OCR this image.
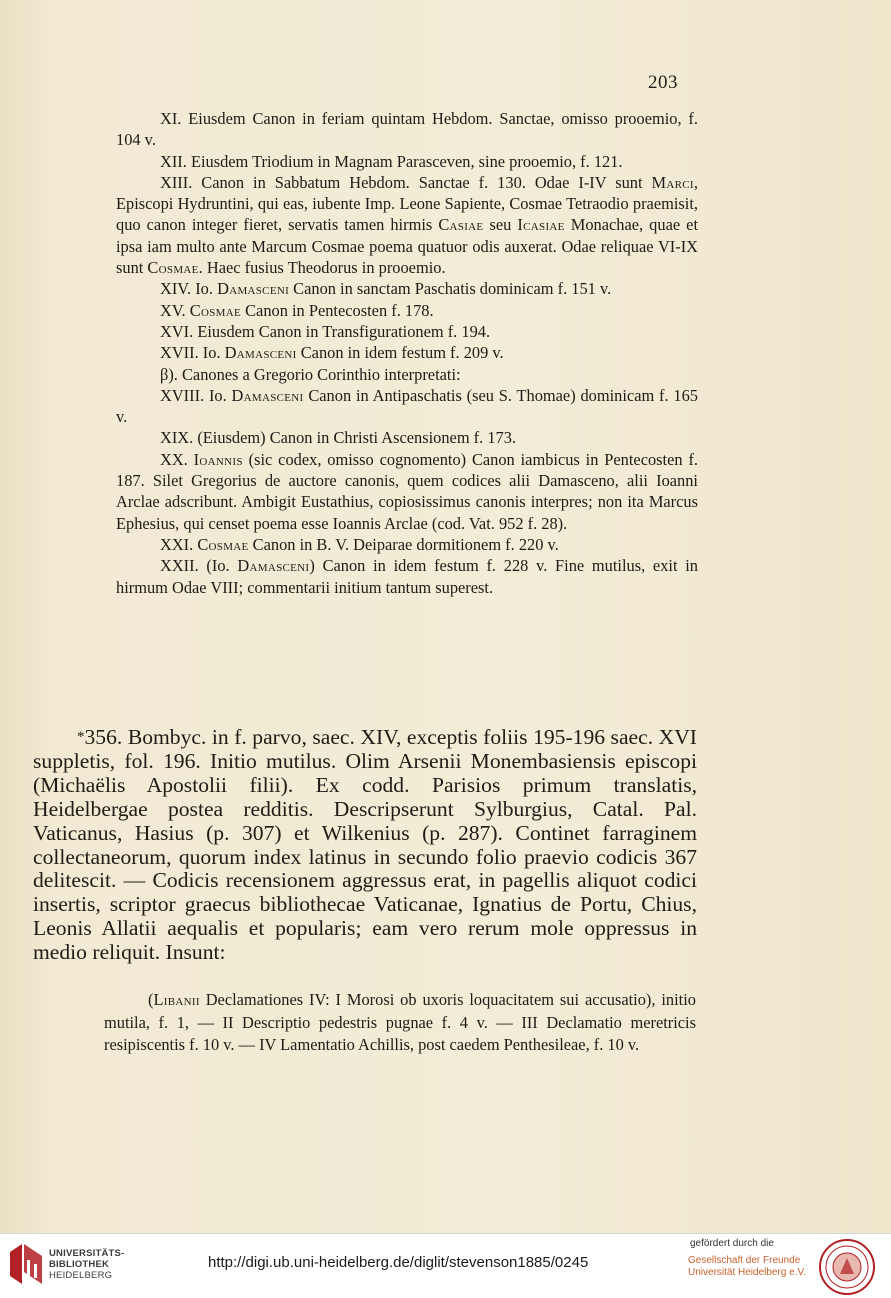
203

XI. Eiusdem Canon in feriam quintam Hebdom. Sanctae, omisso prooemio, f. 104 v.

XII. Eiusdem Triodium in Magnam Parasceven, sine prooemio, f. 121.

XIII. Canon in Sabbatum Hebdom. Sanctae f. 130. Odae I-IV sunt Marci, Episcopi Hydruntini, qui eas, iubente Imp. Leone Sapiente, Cosmae Tetraodio praemisit, quo canon integer fieret, servatis tamen hirmis Casiae seu Icasiae Monachae, quae et ipsa iam multo ante Marcum Cosmae poema quatuor odis auxerat. Odae reliquae VI-IX sunt Cosmae. Haec fusius Theodorus in prooemio.

XIV. Io. Damasceni Canon in sanctam Paschatis dominicam f. 151 v.

XV. Cosmae Canon in Pentecosten f. 178.

XVI. Eiusdem Canon in Transfigurationem f. 194.

XVII. Io. Damasceni Canon in idem festum f. 209 v.

β). Canones a Gregorio Corinthio interpretati:

XVIII. Io. Damasceni Canon in Antipaschatis (seu S. Thomae) dominicam f. 165 v.

XIX. (Eiusdem) Canon in Christi Ascensionem f. 173.

XX. Ioannis (sic codex, omisso cognomento) Canon iambicus in Pentecosten f. 187. Silet Gregorius de auctore canonis, quem codices alii Damasceno, alii Ioanni Arclae adscribunt. Ambigit Eustathius, copiosissimus canonis interpres; non ita Marcus Ephesius, qui censet poema esse Ioannis Arclae (cod. Vat. 952 f. 28).

XXI. Cosmae Canon in B. V. Deiparae dormitionem f. 220 v.

XXII. (Io. Damasceni) Canon in idem festum f. 228 v. Fine mutilus, exit in hirmum Odae VIII; commentarii initium tantum superest.

*356. Bombyc. in f. parvo, saec. XIV, exceptis foliis 195-196 saec. XVI suppletis, fol. 196. Initio mutilus. Olim Arsenii Monembasiensis episcopi (Michaëlis Apostolii filii). Ex codd. Parisios primum translatis, Heidelbergae postea redditis. Descripserunt Sylburgius, Catal. Pal. Vaticanus, Hasius (p. 307) et Wilkenius (p. 287). Continet farraginem collectaneorum, quorum index latinus in secundo folio praevio codicis 367 delitescit. — Codicis recensionem aggressus erat, in pagellis aliquot codici insertis, scriptor graecus bibliothecae Vaticanae, Ignatius de Portu, Chius, Leonis Allatii aequalis et popularis; eam vero rerum mole oppressus in medio reliquit. Insunt:

(Libanii Declamationes IV: I Morosi ob uxoris loquacitatem sui accusatio), initio mutila, f. 1, — II Descriptio pedestris pugnae f. 4 v. — III Declamatio meretricis resipiscentis f. 10 v. — IV Lamentatio Achillis, post caedem Penthesileae, f. 10 v.

UNIVERSITÄTS-
BIBLIOTHEK
HEIDELBERG
http://digi.ub.uni-heidelberg.de/diglit/stevenson1885/0245
gefördert durch die
Gesellschaft der Freunde
Universität Heidelberg e.V.
